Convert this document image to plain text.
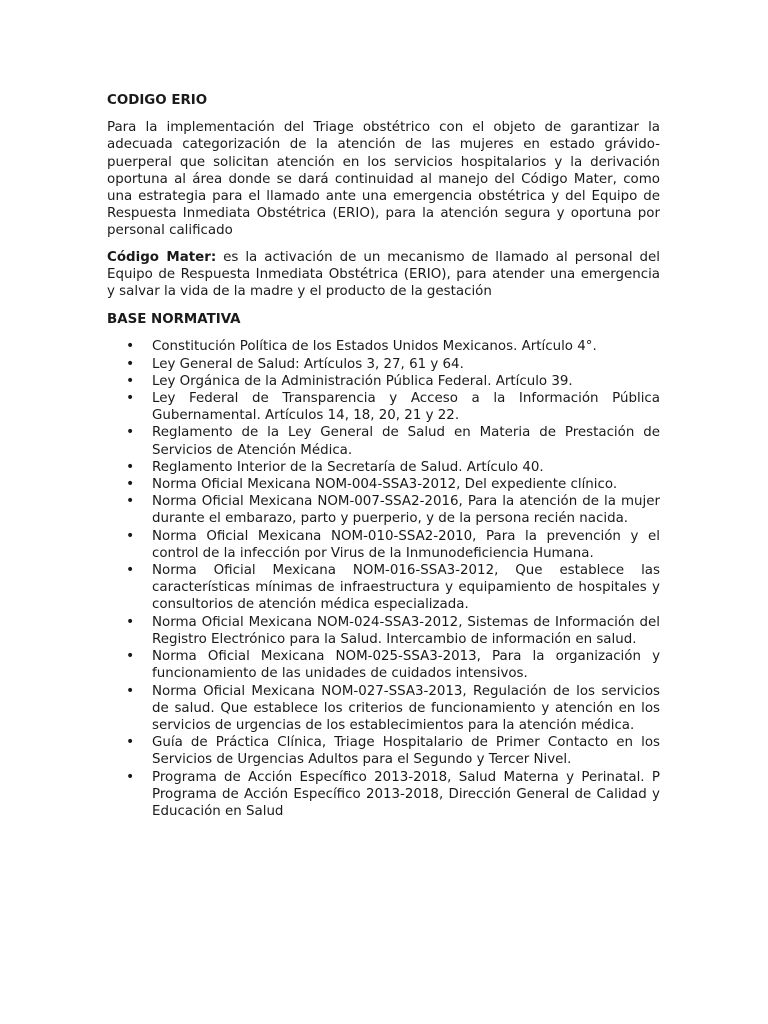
CODIGO ERIO

Para la implementación del Triage obstétrico con el objeto de garantizar la adecuada categorización de la atención de las mujeres en estado grávido-puerperal que solicitan atención en los servicios hospitalarios y la derivación oportuna al área donde se dará continuidad al manejo del Código Mater, como una estrategia para el llamado ante una emergencia obstétrica y del Equipo de Respuesta Inmediata Obstétrica (ERIO), para la atención segura y oportuna por personal calificado

Código Mater: es la activación de un mecanismo de llamado al personal del Equipo de Respuesta Inmediata Obstétrica (ERIO), para atender una emergencia y salvar la vida de la madre y el producto de la gestación

BASE NORMATIVA
• Constitución Política de los Estados Unidos Mexicanos. Artículo 4°.
• Ley General de Salud: Artículos 3, 27, 61 y 64.
• Ley Orgánica de la Administración Pública Federal. Artículo 39.
• Ley Federal de Transparencia y Acceso a la Información Pública Gubernamental. Artículos 14, 18, 20, 21 y 22.
• Reglamento de la Ley General de Salud en Materia de Prestación de Servicios de Atención Médica.
• Reglamento Interior de la Secretaría de Salud. Artículo 40.
• Norma Oficial Mexicana NOM-004-SSA3-2012, Del expediente clínico.
• Norma Oficial Mexicana NOM-007-SSA2-2016, Para la atención de la mujer durante el embarazo, parto y puerperio, y de la persona recién nacida.
• Norma Oficial Mexicana NOM-010-SSA2-2010, Para la prevención y el control de la infección por Virus de la Inmunodeficiencia Humana.
• Norma Oficial Mexicana NOM-016-SSA3-2012, Que establece las características mínimas de infraestructura y equipamiento de hospitales y consultorios de atención médica especializada.
• Norma Oficial Mexicana NOM-024-SSA3-2012, Sistemas de Información del Registro Electrónico para la Salud. Intercambio de información en salud.
• Norma Oficial Mexicana NOM-025-SSA3-2013, Para la organización y funcionamiento de las unidades de cuidados intensivos.
• Norma Oficial Mexicana NOM-027-SSA3-2013, Regulación de los servicios de salud. Que establece los criterios de funcionamiento y atención en los servicios de urgencias de los establecimientos para la atención médica.
• Guía de Práctica Clínica, Triage Hospitalario de Primer Contacto en los Servicios de Urgencias Adultos para el Segundo y Tercer Nivel.
• Programa de Acción Específico 2013-2018, Salud Materna y Perinatal. P Programa de Acción Específico 2013-2018, Dirección General de Calidad y Educación en Salud
